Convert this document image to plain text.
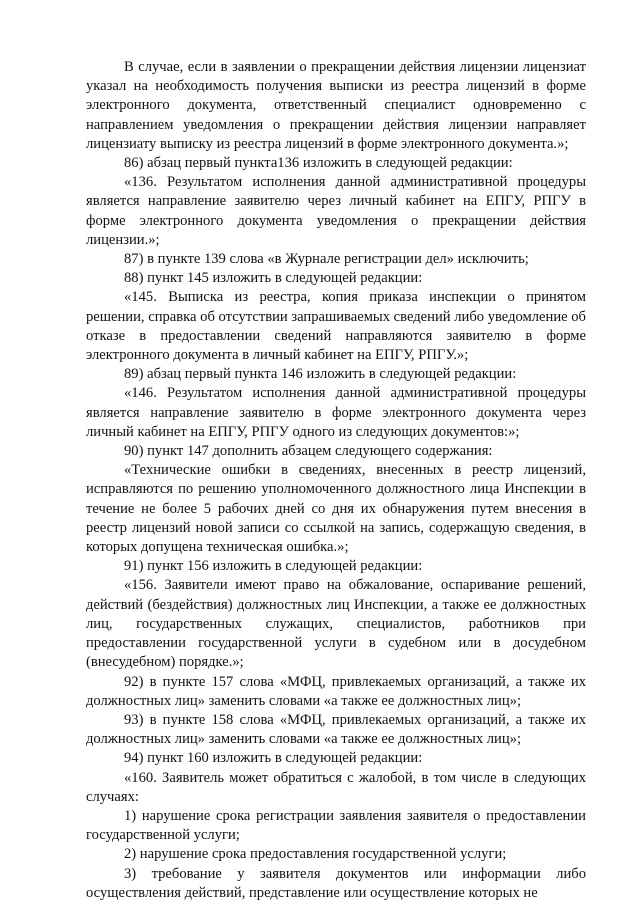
В случае, если в заявлении о прекращении действия лицензии лицензиат указал на необходимость получения выписки из реестра лицензий в форме электронного документа, ответственный специалист одновременно с направлением уведомления о прекращении действия лицензии направляет лицензиату выписку из реестра лицензий в форме электронного документа.»;

86) абзац первый пункта136 изложить в следующей редакции:

«136. Результатом исполнения данной административной процедуры является направление заявителю через личный кабинет на ЕПГУ, РПГУ в форме электронного документа уведомления о прекращении действия лицензии.»;

87) в пункте 139 слова «в Журнале регистрации дел» исключить;

88) пункт 145 изложить в следующей редакции:

«145. Выписка из реестра, копия приказа инспекции о принятом решении, справка об отсутствии запрашиваемых сведений либо уведомление об отказе в предоставлении сведений направляются заявителю в форме электронного документа в личный кабинет на ЕПГУ, РПГУ.»;

89) абзац первый пункта 146 изложить в следующей редакции:

«146. Результатом исполнения данной административной процедуры является направление заявителю в форме электронного документа через личный кабинет на ЕПГУ, РПГУ одного из следующих документов:»;

90) пункт 147 дополнить абзацем следующего содержания:

«Технические ошибки в сведениях, внесенных в реестр лицензий, исправляются по решению уполномоченного должностного лица Инспекции в течение не более 5 рабочих дней со дня их обнаружения путем внесения в реестр лицензий новой записи со ссылкой на запись, содержащую сведения, в которых допущена техническая ошибка.»;

91) пункт 156 изложить в следующей редакции:

«156. Заявители имеют право на обжалование, оспаривание решений, действий (бездействия) должностных лиц Инспекции, а также ее должностных лиц, государственных служащих, специалистов, работников при предоставлении государственной услуги в судебном или в досудебном (внесудебном) порядке.»;

92) в пункте 157 слова «МФЦ, привлекаемых организаций, а также их должностных лиц» заменить словами «а также ее должностных лиц»;

93) в пункте 158 слова «МФЦ, привлекаемых организаций, а также их должностных лиц» заменить словами «а также ее должностных лиц»;

94) пункт 160 изложить в следующей редакции:

«160. Заявитель может обратиться с жалобой, в том числе в следующих случаях:

1) нарушение срока регистрации заявления заявителя о предоставлении государственной услуги;

2) нарушение срока предоставления государственной услуги;

3) требование у заявителя документов или информации либо осуществления действий, представление или осуществление которых не
